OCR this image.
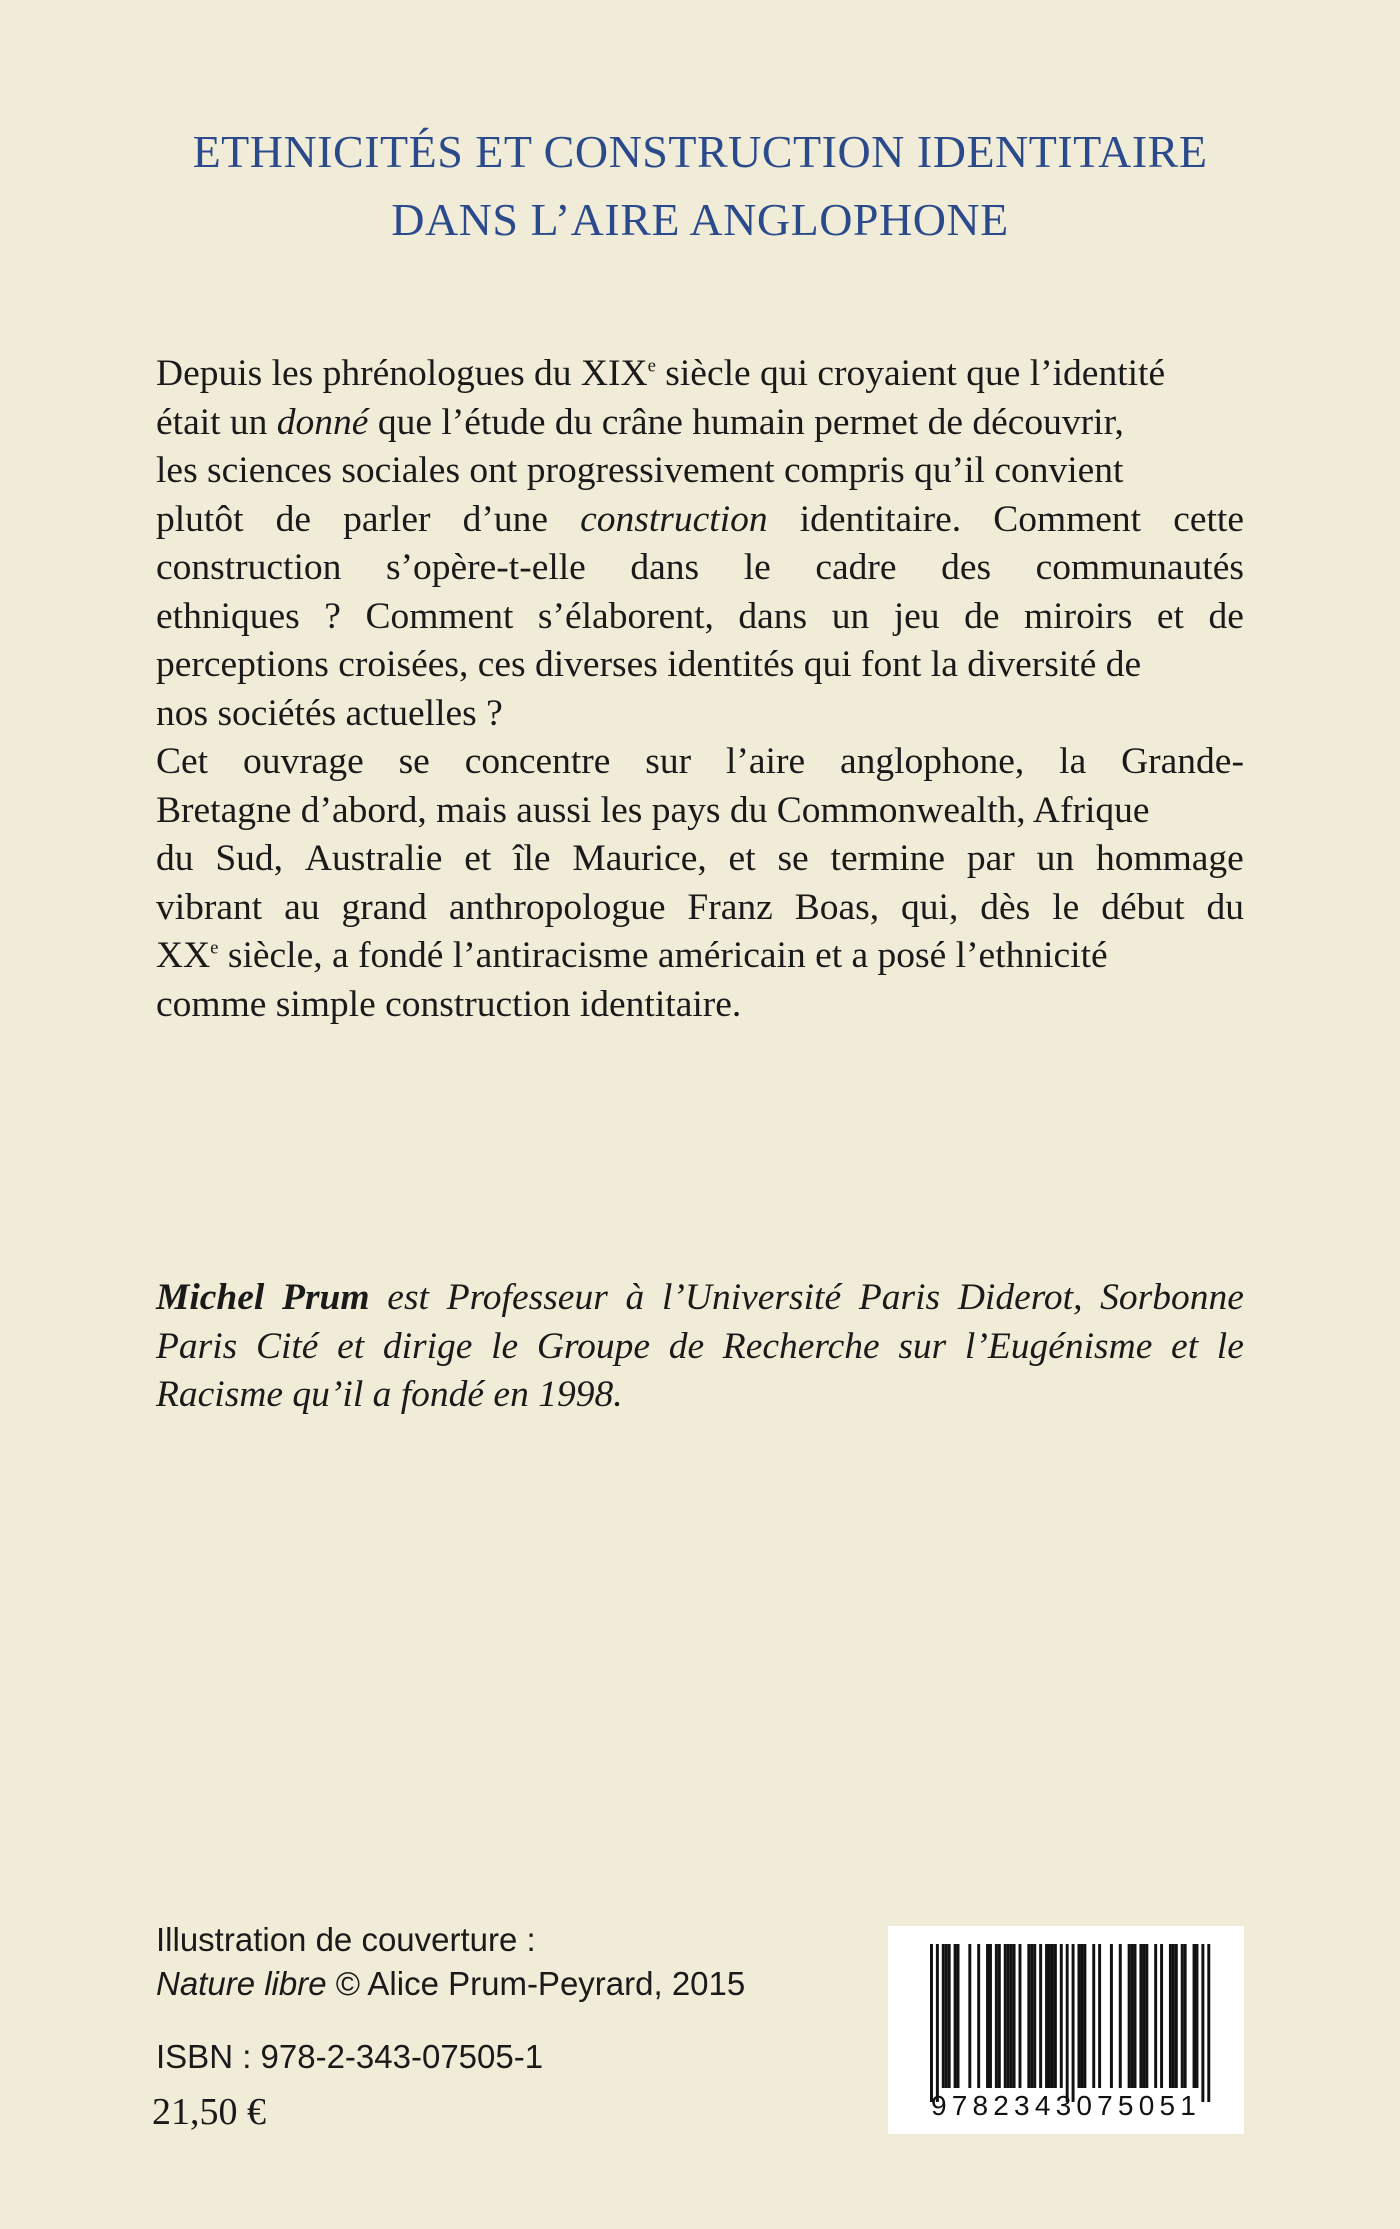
ETHNICITÉS ET CONSTRUCTION IDENTITAIRE
DANS L’AIRE ANGLOPHONE
Depuis les phrénologues du XIXe siècle qui croyaient que l’identité
était un donné que l’étude du crâne humain permet de découvrir,
les sciences sociales ont progressivement compris qu’il convient
plutôt de parler d’une construction identitaire. Comment cette
construction s’opère-t-elle dans le cadre des communautés
ethniques ? Comment s’élaborent, dans un jeu de miroirs et de
perceptions croisées, ces diverses identités qui font la diversité de
nos sociétés actuelles ?
Cet ouvrage se concentre sur l’aire anglophone, la Grande-
Bretagne d’abord, mais aussi les pays du Commonwealth, Afrique
du Sud, Australie et île Maurice, et se termine par un hommage
vibrant au grand anthropologue Franz Boas, qui, dès le début du
XXe siècle, a fondé l’antiracisme américain et a posé l’ethnicité
comme simple construction identitaire.
Michel Prum est Professeur à l’Université Paris Diderot, Sorbonne
Paris Cité et dirige le Groupe de Recherche sur l’Eugénisme et le
Racisme qu’il a fondé en 1998.
Illustration de couverture :
Nature libre © Alice Prum-Peyrard, 2015
ISBN : 978-2-343-07505-1
21,50 €	9782343075051
